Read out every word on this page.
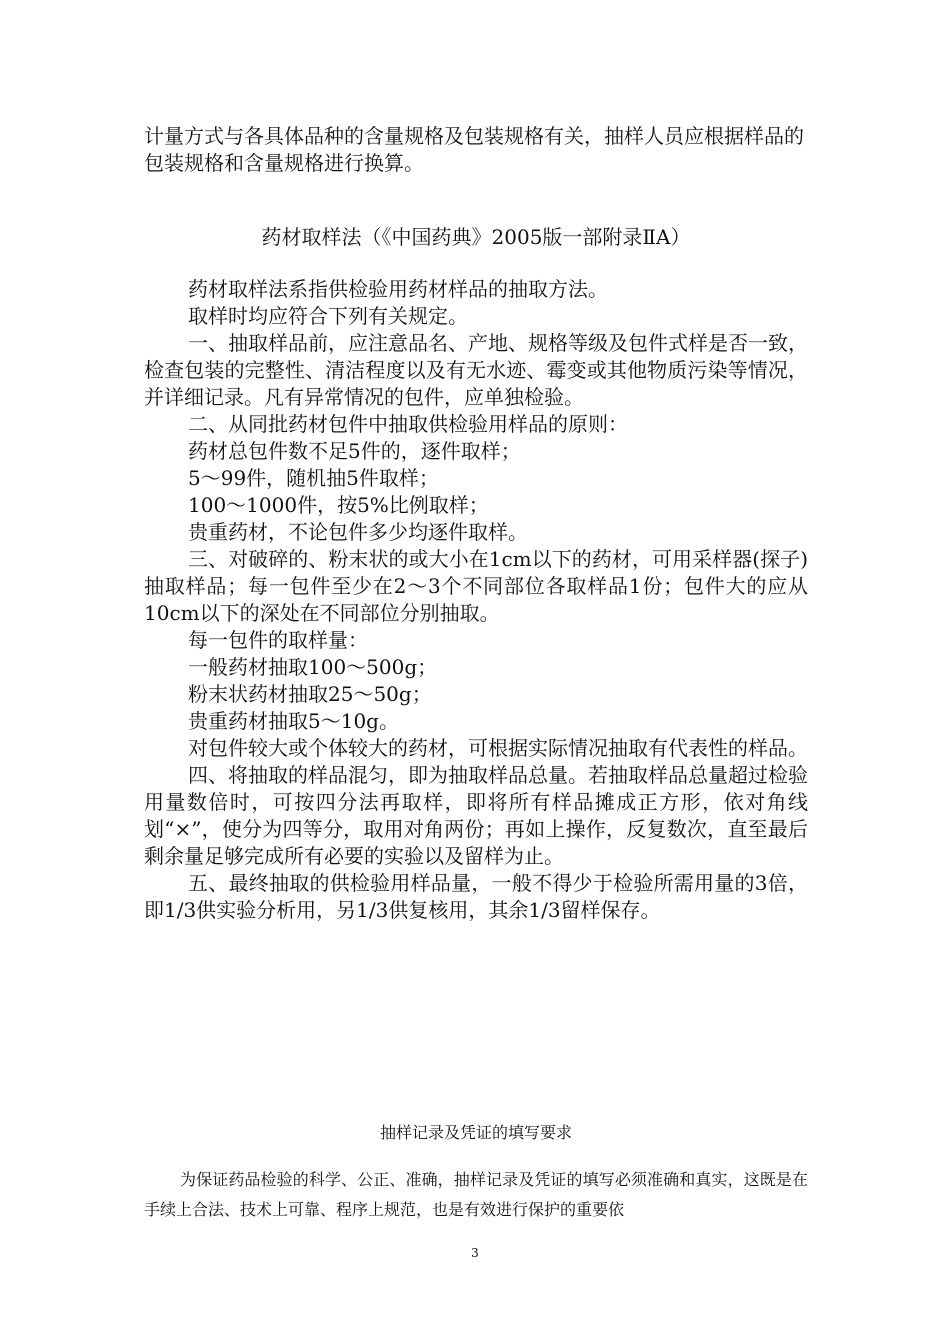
计量方式与各具体品种的含量规格及包装规格有关，抽样人员应根据样品的包装规格和含量规格进行换算。

药材取样法（《中国药典》2005版一部附录ⅡA）

药材取样法系指供检验用药材样品的抽取方法。

取样时均应符合下列有关规定。

一、抽取样品前，应注意品名、产地、规格等级及包件式样是否一致，检查包装的完整性、清洁程度以及有无水迹、霉变或其他物质污染等情况，并详细记录。凡有异常情况的包件，应单独检验。

二、从同批药材包件中抽取供检验用样品的原则：

药材总包件数不足5件的，逐件取样；

5～99件，随机抽5件取样；

100～1000件，按5%比例取样；

贵重药材，不论包件多少均逐件取样。

三、对破碎的、粉末状的或大小在1cm以下的药材，可用采样器(探子)抽取样品；每一包件至少在2～3个不同部位各取样品1份；包件大的应从10cm以下的深处在不同部位分别抽取。

每一包件的取样量：

一般药材抽取100～500g；

粉末状药材抽取25～50g；

贵重药材抽取5～10g。

对包件较大或个体较大的药材，可根据实际情况抽取有代表性的样品。

四、将抽取的样品混匀，即为抽取样品总量。若抽取样品总量超过检验用量数倍时，可按四分法再取样，即将所有样品摊成正方形，依对角线划“×”，使分为四等分，取用对角两份；再如上操作，反复数次，直至最后剩余量足够完成所有必要的实验以及留样为止。

五、最终抽取的供检验用样品量，一般不得少于检验所需用量的3倍，即1/3供实验分析用，另1/3供复核用，其余1/3留样保存。

抽样记录及凭证的填写要求

为保证药品检验的科学、公正、准确，抽样记录及凭证的填写必须准确和真实，这既是在手续上合法、技术上可靠、程序上规范，也是有效进行保护的重要依

3
